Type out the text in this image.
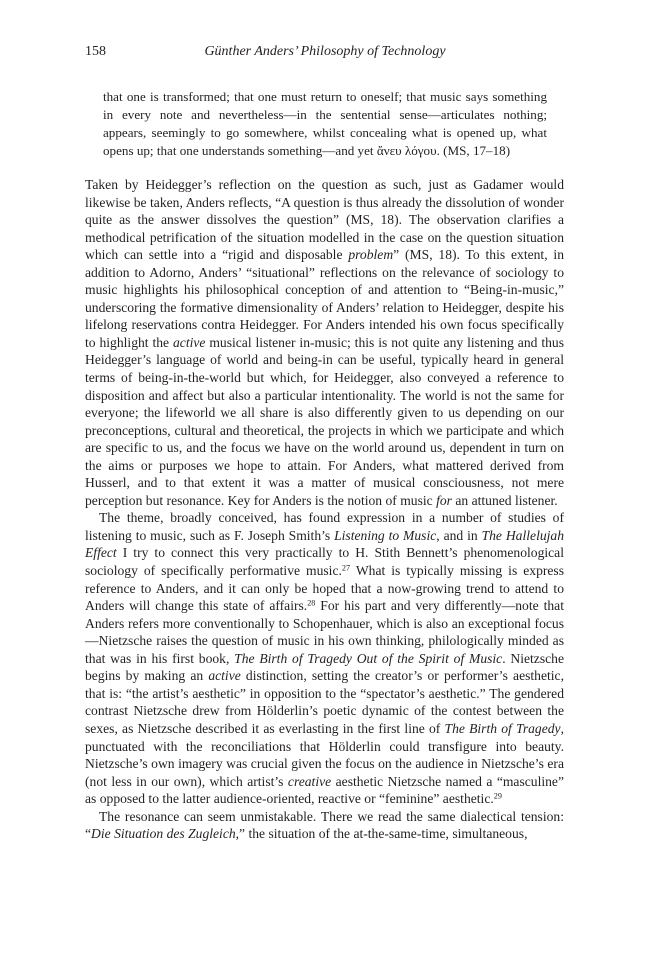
158	Günther Anders’ Philosophy of Technology

that one is transformed; that one must return to oneself; that music says something in every note and nevertheless—in the sentential sense—articulates nothing; appears, seemingly to go somewhere, whilst concealing what is opened up, what opens up; that one understands something—and yet ἄνευ λόγου. (MS, 17–18)

Taken by Heidegger’s reflection on the question as such, just as Gadamer would likewise be taken, Anders reflects, “A question is thus already the dissolution of wonder quite as the answer dissolves the question” (MS, 18). The observation clarifies a methodical petrification of the situation modelled in the case on the question situation which can settle into a “rigid and disposable problem” (MS, 18). To this extent, in addition to Adorno, Anders’ “situational” reflections on the relevance of sociology to music highlights his philosophical conception of and attention to “Being-in-music,” underscoring the formative dimensionality of Anders’ relation to Heidegger, despite his lifelong reservations contra Heidegger. For Anders intended his own focus specifically to highlight the active musical listener in-music; this is not quite any listening and thus Heidegger’s language of world and being-in can be useful, typically heard in general terms of being-in-the-world but which, for Heidegger, also conveyed a reference to disposition and affect but also a particular intentionality. The world is not the same for everyone; the lifeworld we all share is also differently given to us depending on our preconceptions, cultural and theoretical, the projects in which we participate and which are specific to us, and the focus we have on the world around us, dependent in turn on the aims or purposes we hope to attain. For Anders, what mattered derived from Husserl, and to that extent it was a matter of musical consciousness, not mere perception but resonance. Key for Anders is the notion of music for an attuned listener.

The theme, broadly conceived, has found expression in a number of studies of listening to music, such as F. Joseph Smith’s Listening to Music, and in The Hallelujah Effect I try to connect this very practically to H. Stith Bennett’s phenomenological sociology of specifically performative music.$^{27}$ What is typically missing is express reference to Anders, and it can only be hoped that a now-growing trend to attend to Anders will change this state of affairs.$^{28}$ For his part and very differently—note that Anders refers more conventionally to Schopenhauer, which is also an exceptional focus—Nietzsche raises the question of music in his own thinking, philologically minded as that was in his first book, The Birth of Tragedy Out of the Spirit of Music. Nietzsche begins by making an active distinction, setting the creator’s or performer’s aesthetic, that is: “the artist’s aesthetic” in opposition to the “spectator’s aesthetic.” The gendered contrast Nietzsche drew from Hölderlin’s poetic dynamic of the contest between the sexes, as Nietzsche described it as everlasting in the first line of The Birth of Tragedy, punctuated with the reconciliations that Hölderlin could transfigure into beauty. Nietzsche’s own imagery was crucial given the focus on the audience in Nietzsche’s era (not less in our own), which artist’s creative aesthetic Nietzsche named a “masculine” as opposed to the latter audience-oriented, reactive or “feminine” aesthetic.$^{29}$

The resonance can seem unmistakable. There we read the same dialectical tension: “Die Situation des Zugleich,” the situation of the at-the-same-time, simultaneous,
